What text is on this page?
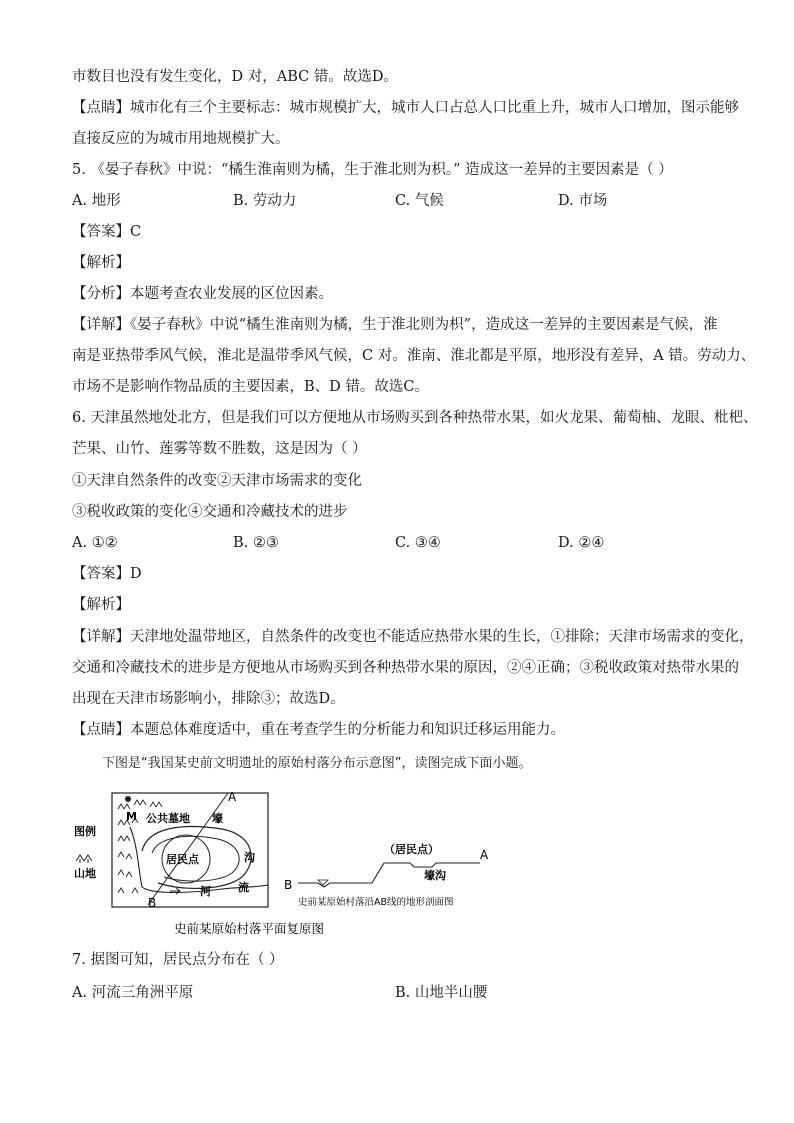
市数目也没有发生变化，D 对，ABC 错。故选D。
【点睛】城市化有三个主要标志：城市规模扩大，城市人口占总人口比重上升，城市人口增加，图示能够
直接反应的为城市用地规模扩大。
5. 《晏子春秋》中说：“橘生淮南则为橘，生于淮北则为枳。” 造成这一差异的主要因素是（ ）
A. 地形	B. 劳动力	C. 气候	D. 市场
【答案】C
【解析】
【分析】本题考查农业发展的区位因素。
【详解】《晏子春秋》中说“橘生淮南则为橘，生于淮北则为枳”，造成这一差异的主要因素是气候，淮
南是亚热带季风气候，淮北是温带季风气候，C 对。淮南、淮北都是平原，地形没有差异，A 错。劳动力、
市场不是影响作物品质的主要因素，B、D 错。故选C。
6. 天津虽然地处北方，但是我们可以方便地从市场购买到各种热带水果，如火龙果、葡萄柚、龙眼、枇杷、
芒果、山竹、莲雾等数不胜数，这是因为（ ）
①天津自然条件的改变②天津市场需求的变化
③税收政策的变化④交通和冷藏技术的进步
A. ①②	B. ②③	C. ③④	D. ②④
【答案】D
【解析】
【详解】天津地处温带地区，自然条件的改变也不能适应热带水果的生长，①排除；天津市场需求的变化，
交通和冷藏技术的进步是方便地从市场购买到各种热带水果的原因，②④正确；③税收政策对热带水果的
出现在天津市场影响小，排除③；故选D。
【点睛】本题总体难度适中，重在考查学生的分析能力和知识迁移运用能力。
下图是“我国某史前文明遗址的原始村落分布示意图”，读图完成下面小题。
图例
山地
M 公共墓地 壕
沟
居民点
河 流
A
B
史前某原始村落平面复原图
（居民点）	A
B
壕沟
史前某原始村落沿AB线的地形剖面图
7. 据图可知，居民点分布在（ ）
A. 河流三角洲平原	B. 山地半山腰
